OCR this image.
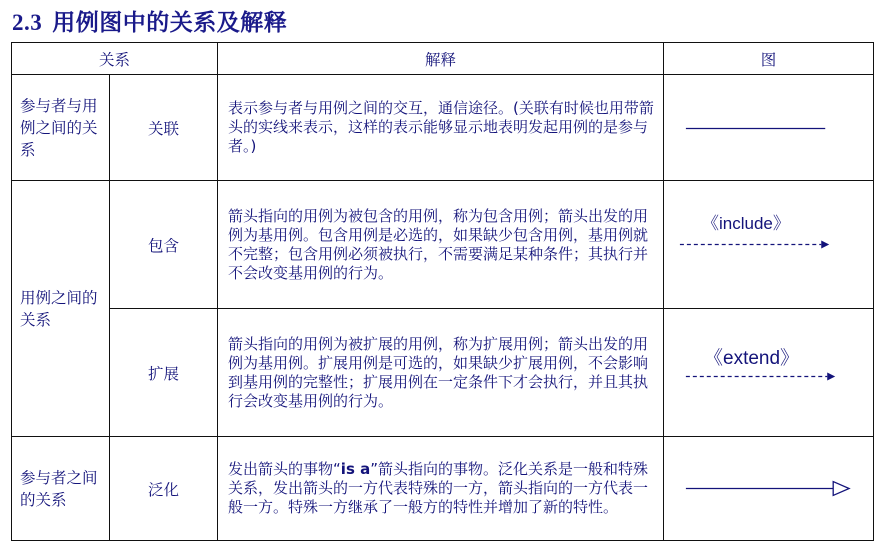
2.3 用例图中的关系及解释
关系		解释	图
参与者与用例之间的关系	关联	表示参与者与用例之间的交互，通信途径。(关联有时候也用带箭头的实线来表示，这样的表示能够显示地表明发起用例的是参与者。)	

用例之间的关系	包含	箭头指向的用例为被包含的用例，称为包含用例；箭头出发的用例为基用例。包含用例是必选的，如果缺少包含用例，基用例就不完整；包含用例必须被执行，不需要满足某种条件；其执行并不会改变基用例的行为。	《include》

	扩展	箭头指向的用例为被扩展的用例，称为扩展用例；箭头出发的用例为基用例。扩展用例是可选的，如果缺少扩展用例，不会影响到基用例的完整性；扩展用例在一定条件下才会执行，并且其执行会改变基用例的行为。	《extend》

参与者之间的关系	泛化	发出箭头的事物“is a”箭头指向的事物。泛化关系是一般和特殊关系，发出箭头的一方代表特殊的一方，箭头指向的一方代表一般一方。特殊一方继承了一般方的特性并增加了新的特性。	
